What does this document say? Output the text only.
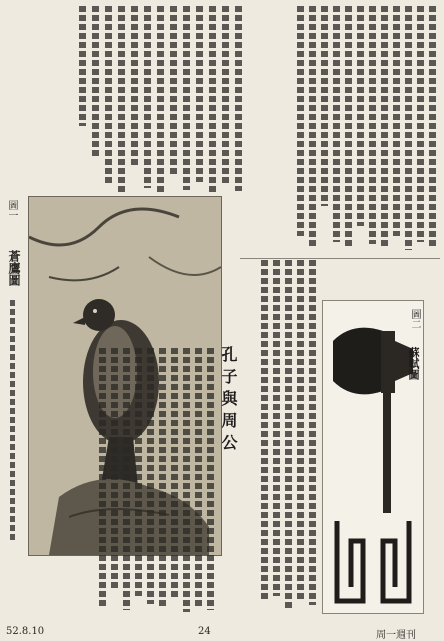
圖一
蒼鷹圖
孔子與周公
圖二
蘇軾圖
52.8.10	24	周一週刊
